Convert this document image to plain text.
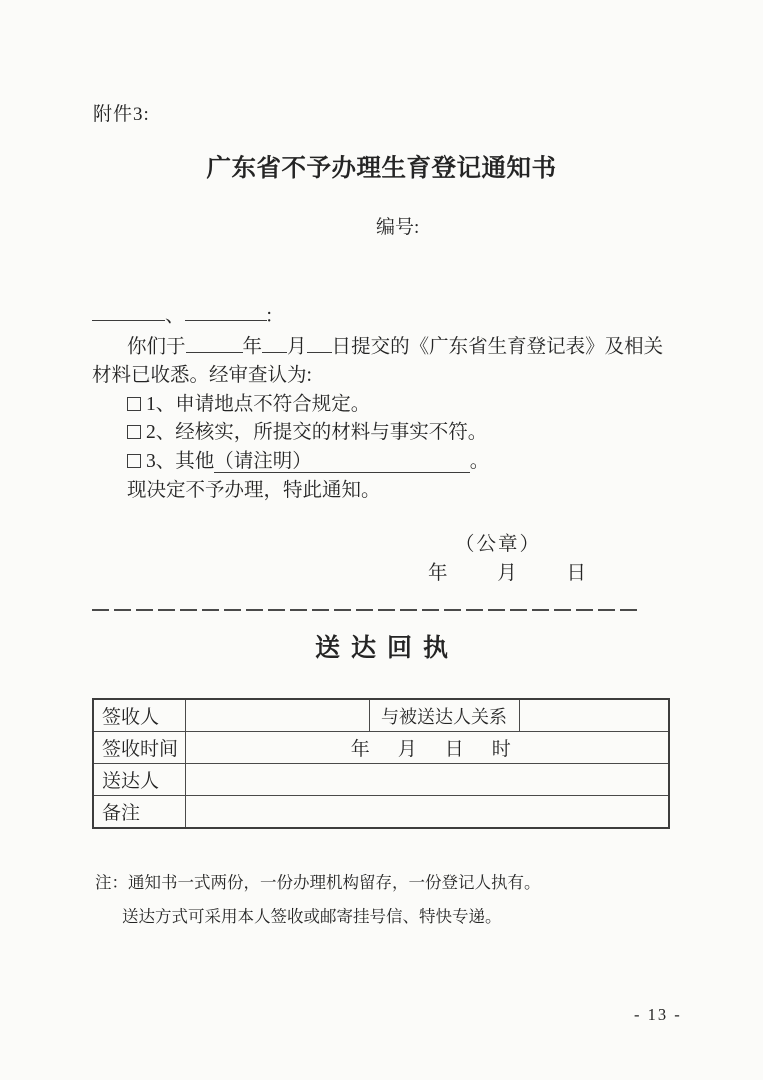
附件3:
广东省不予办理生育登记通知书
编号:
、	:
你们于	年 月 日提交的《广东省生育登记表》及相关
材料已收悉。经审查认为:
1、申请地点不符合规定。
2、经核实，所提交的材料与事实不符。
3、其他（请注明）	。
现决定不予办理，特此通知。
（公章）
年	月	日
送达回执
签收人		与被送达人关系	
签收时间	年 月 日 时		

送达人			
备注			
注：通知书一式两份，一份办理机构留存，一份登记人执有。
送达方式可采用本人签收或邮寄挂号信、特快专递。
- 13 -
